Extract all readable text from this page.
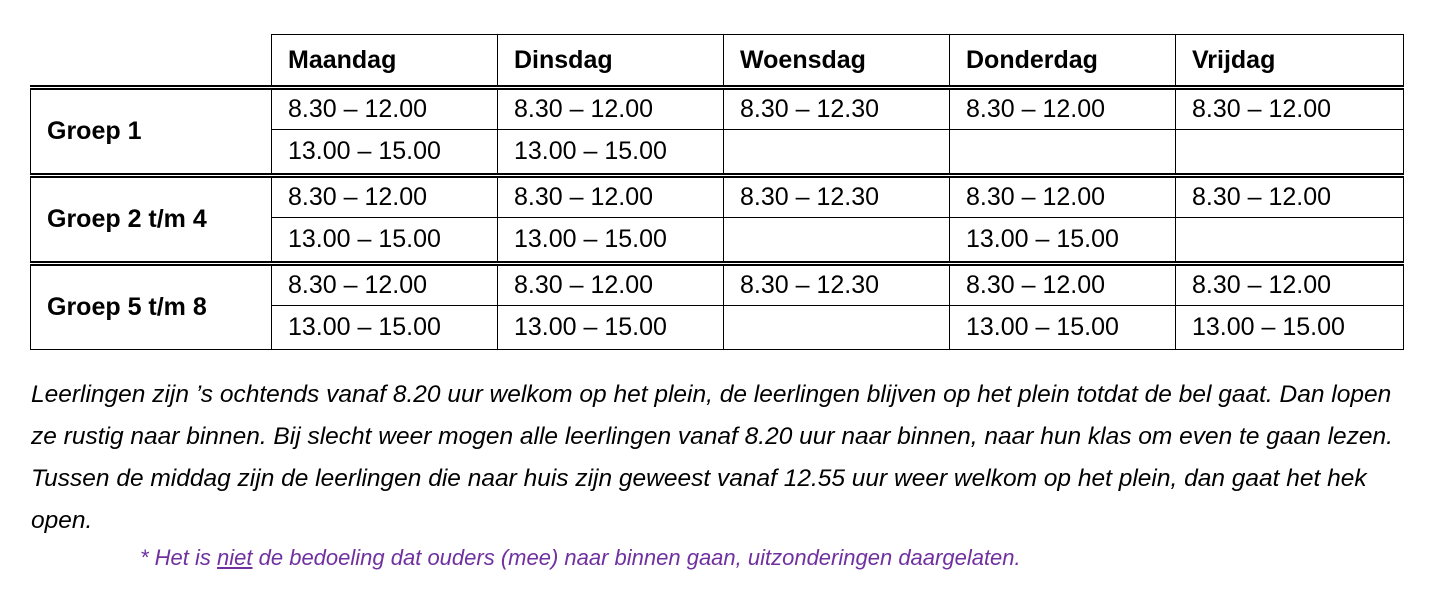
	Maandag	Dinsdag	Woensdag	Donderdag	Vrijdag
Groep 1	8.30 – 12.00	8.30 – 12.00	8.30 – 12.30	8.30 – 12.00	8.30 – 12.00
	13.00 – 15.00	13.00 – 15.00			
Groep 2 t/m 4	8.30 – 12.00	8.30 – 12.00	8.30 – 12.30	8.30 – 12.00	8.30 – 12.00
	13.00 – 15.00	13.00 – 15.00		13.00 – 15.00	
Groep 5 t/m 8	8.30 – 12.00	8.30 – 12.00	8.30 – 12.30	8.30 – 12.00	8.30 – 12.00
	13.00 – 15.00	13.00 – 15.00		13.00 – 15.00	13.00 – 15.00

Leerlingen zijn ’s ochtends vanaf 8.20 uur welkom op het plein, de leerlingen blijven op het plein totdat de bel gaat. Dan lopen ze rustig naar binnen. Bij slecht weer mogen alle leerlingen vanaf 8.20 uur naar binnen, naar hun klas om even te gaan lezen. Tussen de middag zijn de leerlingen die naar huis zijn geweest vanaf 12.55 uur weer welkom op het plein, dan gaat het hek open.

* Het is niet de bedoeling dat ouders (mee) naar binnen gaan, uitzonderingen daargelaten.
